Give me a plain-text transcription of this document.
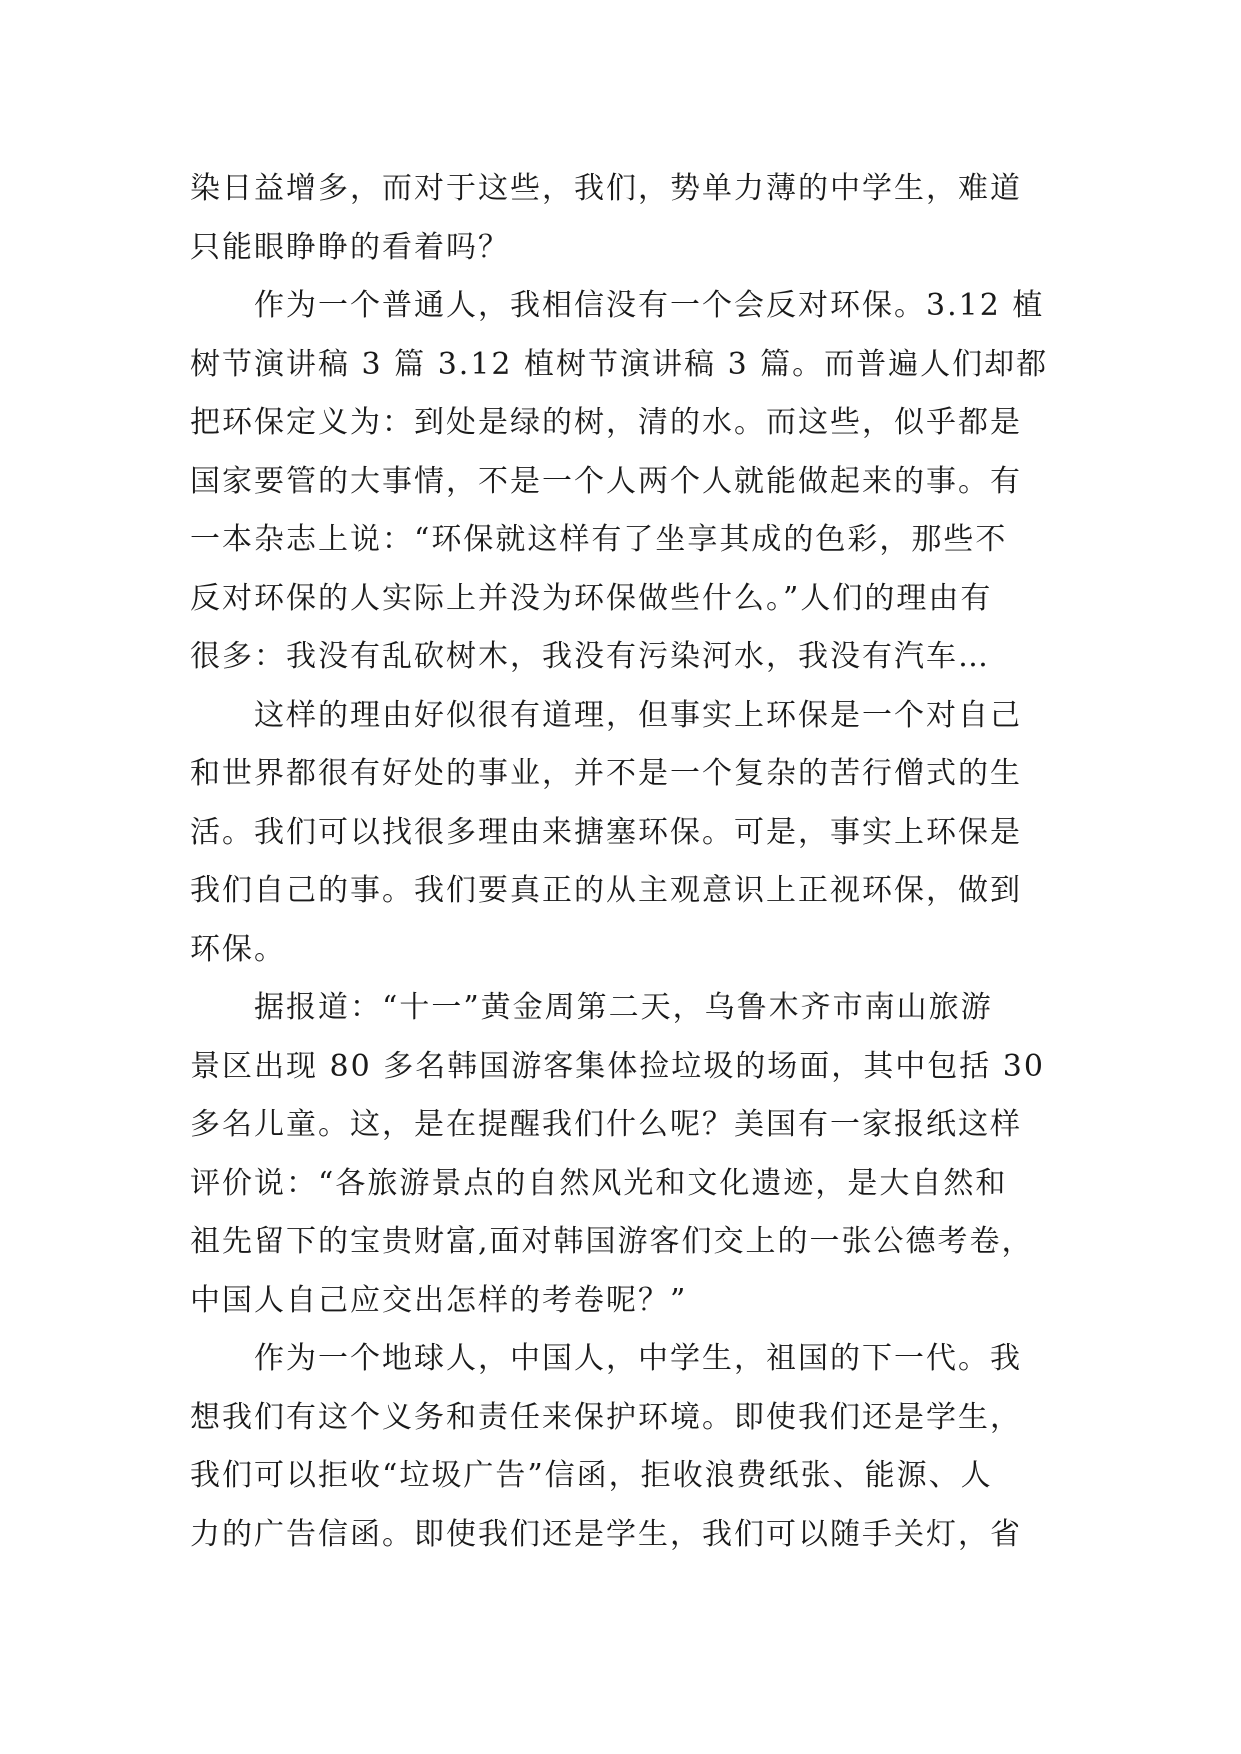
染日益增多，而对于这些，我们，势单力薄的中学生，难道
只能眼睁睁的看着吗？
作为一个普通人，我相信没有一个会反对环保。3.12 植
树节演讲稿 3 篇 3.12 植树节演讲稿 3 篇。而普遍人们却都
把环保定义为：到处是绿的树，清的水。而这些，似乎都是
国家要管的大事情，不是一个人两个人就能做起来的事。有
一本杂志上说：“环保就这样有了坐享其成的色彩，那些不
反对环保的人实际上并没为环保做些什么。”人们的理由有
很多：我没有乱砍树木，我没有污染河水，我没有汽车…
这样的理由好似很有道理，但事实上环保是一个对自己
和世界都很有好处的事业，并不是一个复杂的苦行僧式的生
活。我们可以找很多理由来搪塞环保。可是，事实上环保是
我们自己的事。我们要真正的从主观意识上正视环保，做到
环保。
据报道：“十一”黄金周第二天，乌鲁木齐市南山旅游
景区出现 80 多名韩国游客集体捡垃圾的场面，其中包括 30
多名儿童。这，是在提醒我们什么呢？美国有一家报纸这样
评价说：“各旅游景点的自然风光和文化遗迹，是大自然和
祖先留下的宝贵财富,面对韩国游客们交上的一张公德考卷，
中国人自己应交出怎样的考卷呢？”
作为一个地球人，中国人，中学生，祖国的下一代。我
想我们有这个义务和责任来保护环境。即使我们还是学生，
我们可以拒收“垃圾广告”信函，拒收浪费纸张、能源、人
力的广告信函。即使我们还是学生，我们可以随手关灯，省
